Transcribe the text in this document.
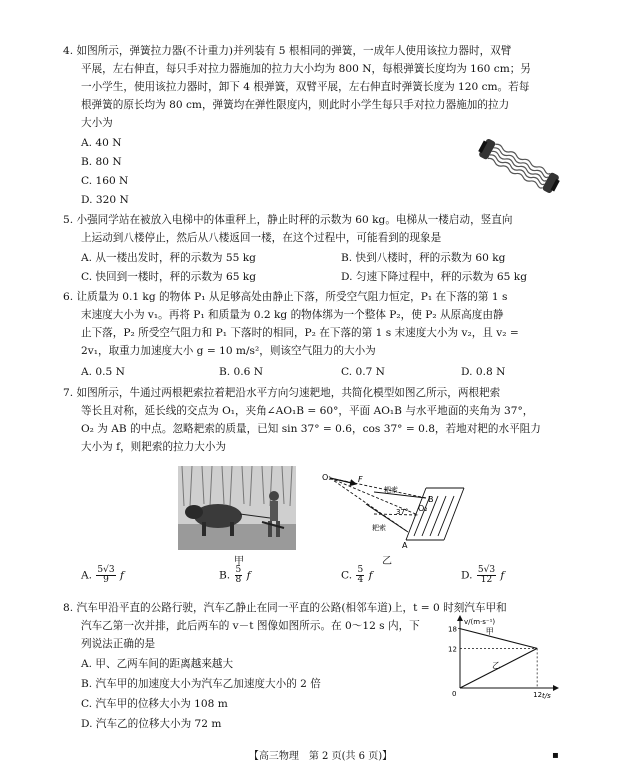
4. 如图所示，弹簧拉力器(不计重力)并列装有 5 根相同的弹簧，一成年人使用该拉力器时，双臂
平展，左右伸直，每只手对拉力器施加的拉力大小均为 800 N，每根弹簧长度均为 160 cm；另
一小学生，使用该拉力器时，卸下 4 根弹簧，双臂平展，左右伸直时弹簧长度为 120 cm。若每
根弹簧的原长均为 80 cm，弹簧均在弹性限度内，则此时小学生每只手对拉力器施加的拉力
大小为
A. 40 N
B. 80 N
C. 160 N
D. 320 N
5. 小强同学站在被放入电梯中的体重秤上，静止时秤的示数为 60 kg。电梯从一楼启动，竖直向
上运动到八楼停止，然后从八楼返回一楼，在这个过程中，可能看到的现象是
A. 从一楼出发时，秤的示数为 55 kg	B. 快到八楼时，秤的示数为 60 kg
C. 快回到一楼时，秤的示数为 65 kg	D. 匀速下降过程中，秤的示数为 65 kg
6. 让质量为 0.1 kg 的物体 P₁ 从足够高处由静止下落，所受空气阻力恒定，P₁ 在下落的第 1 s
末速度大小为 v₁。再将 P₁ 和质量为 0.2 kg 的物体绑为一个整体 P₂，使 P₂ 从原高度由静
止下落，P₂ 所受空气阻力和 P₁ 下落时的相同，P₂ 在下落的第 1 s 末速度大小为 v₂，且 v₂ =
2v₁，取重力加速度大小 g = 10 m/s²，则该空气阻力的大小为
A. 0.5 N	B. 0.6 N	C. 0.7 N	D. 0.8 N
7. 如图所示，牛通过两根耙索拉着耙沿水平方向匀速耙地，共简化模型如图乙所示，两根耙索
等长且对称，延长线的交点为 O₁，夹角∠AO₁B = 60°，平面 AO₁B 与水平地面的夹角为 37°，
O₂ 为 AB 的中点。忽略耙索的质量，已知 sin 37° = 0.6，cos 37° = 0.8，若地对耙的水平阻力
大小为 f，则耙索的拉力大小为
甲
O₁	F
耙索
耙索
37° O₂
B
A
乙
A. $\frac{5√3}{9}$ f	B. $\frac{5}{8}$ f	C. $\frac{5}{4}$ f	D. $\frac{5√3}{12}$ f
8. 汽车甲沿平直的公路行驶，汽车乙静止在同一平直的公路(相邻车道)上，t = 0 时刻汽车甲和
汽车乙第一次并排，此后两车的 v－t 图像如图所示。在 0～12 s 内，下
列说法正确的是
A. 甲、乙两车间的距离越来越大
B. 汽车甲的加速度大小为汽车乙加速度大小的 2 倍
C. 汽车甲的位移大小为 108 m
D. 汽车乙的位移大小为 72 m
v/(m·s⁻¹)
t/s
0	12
12
18	甲
乙
【高三物理　第 2 页(共 6 页)】	▪
